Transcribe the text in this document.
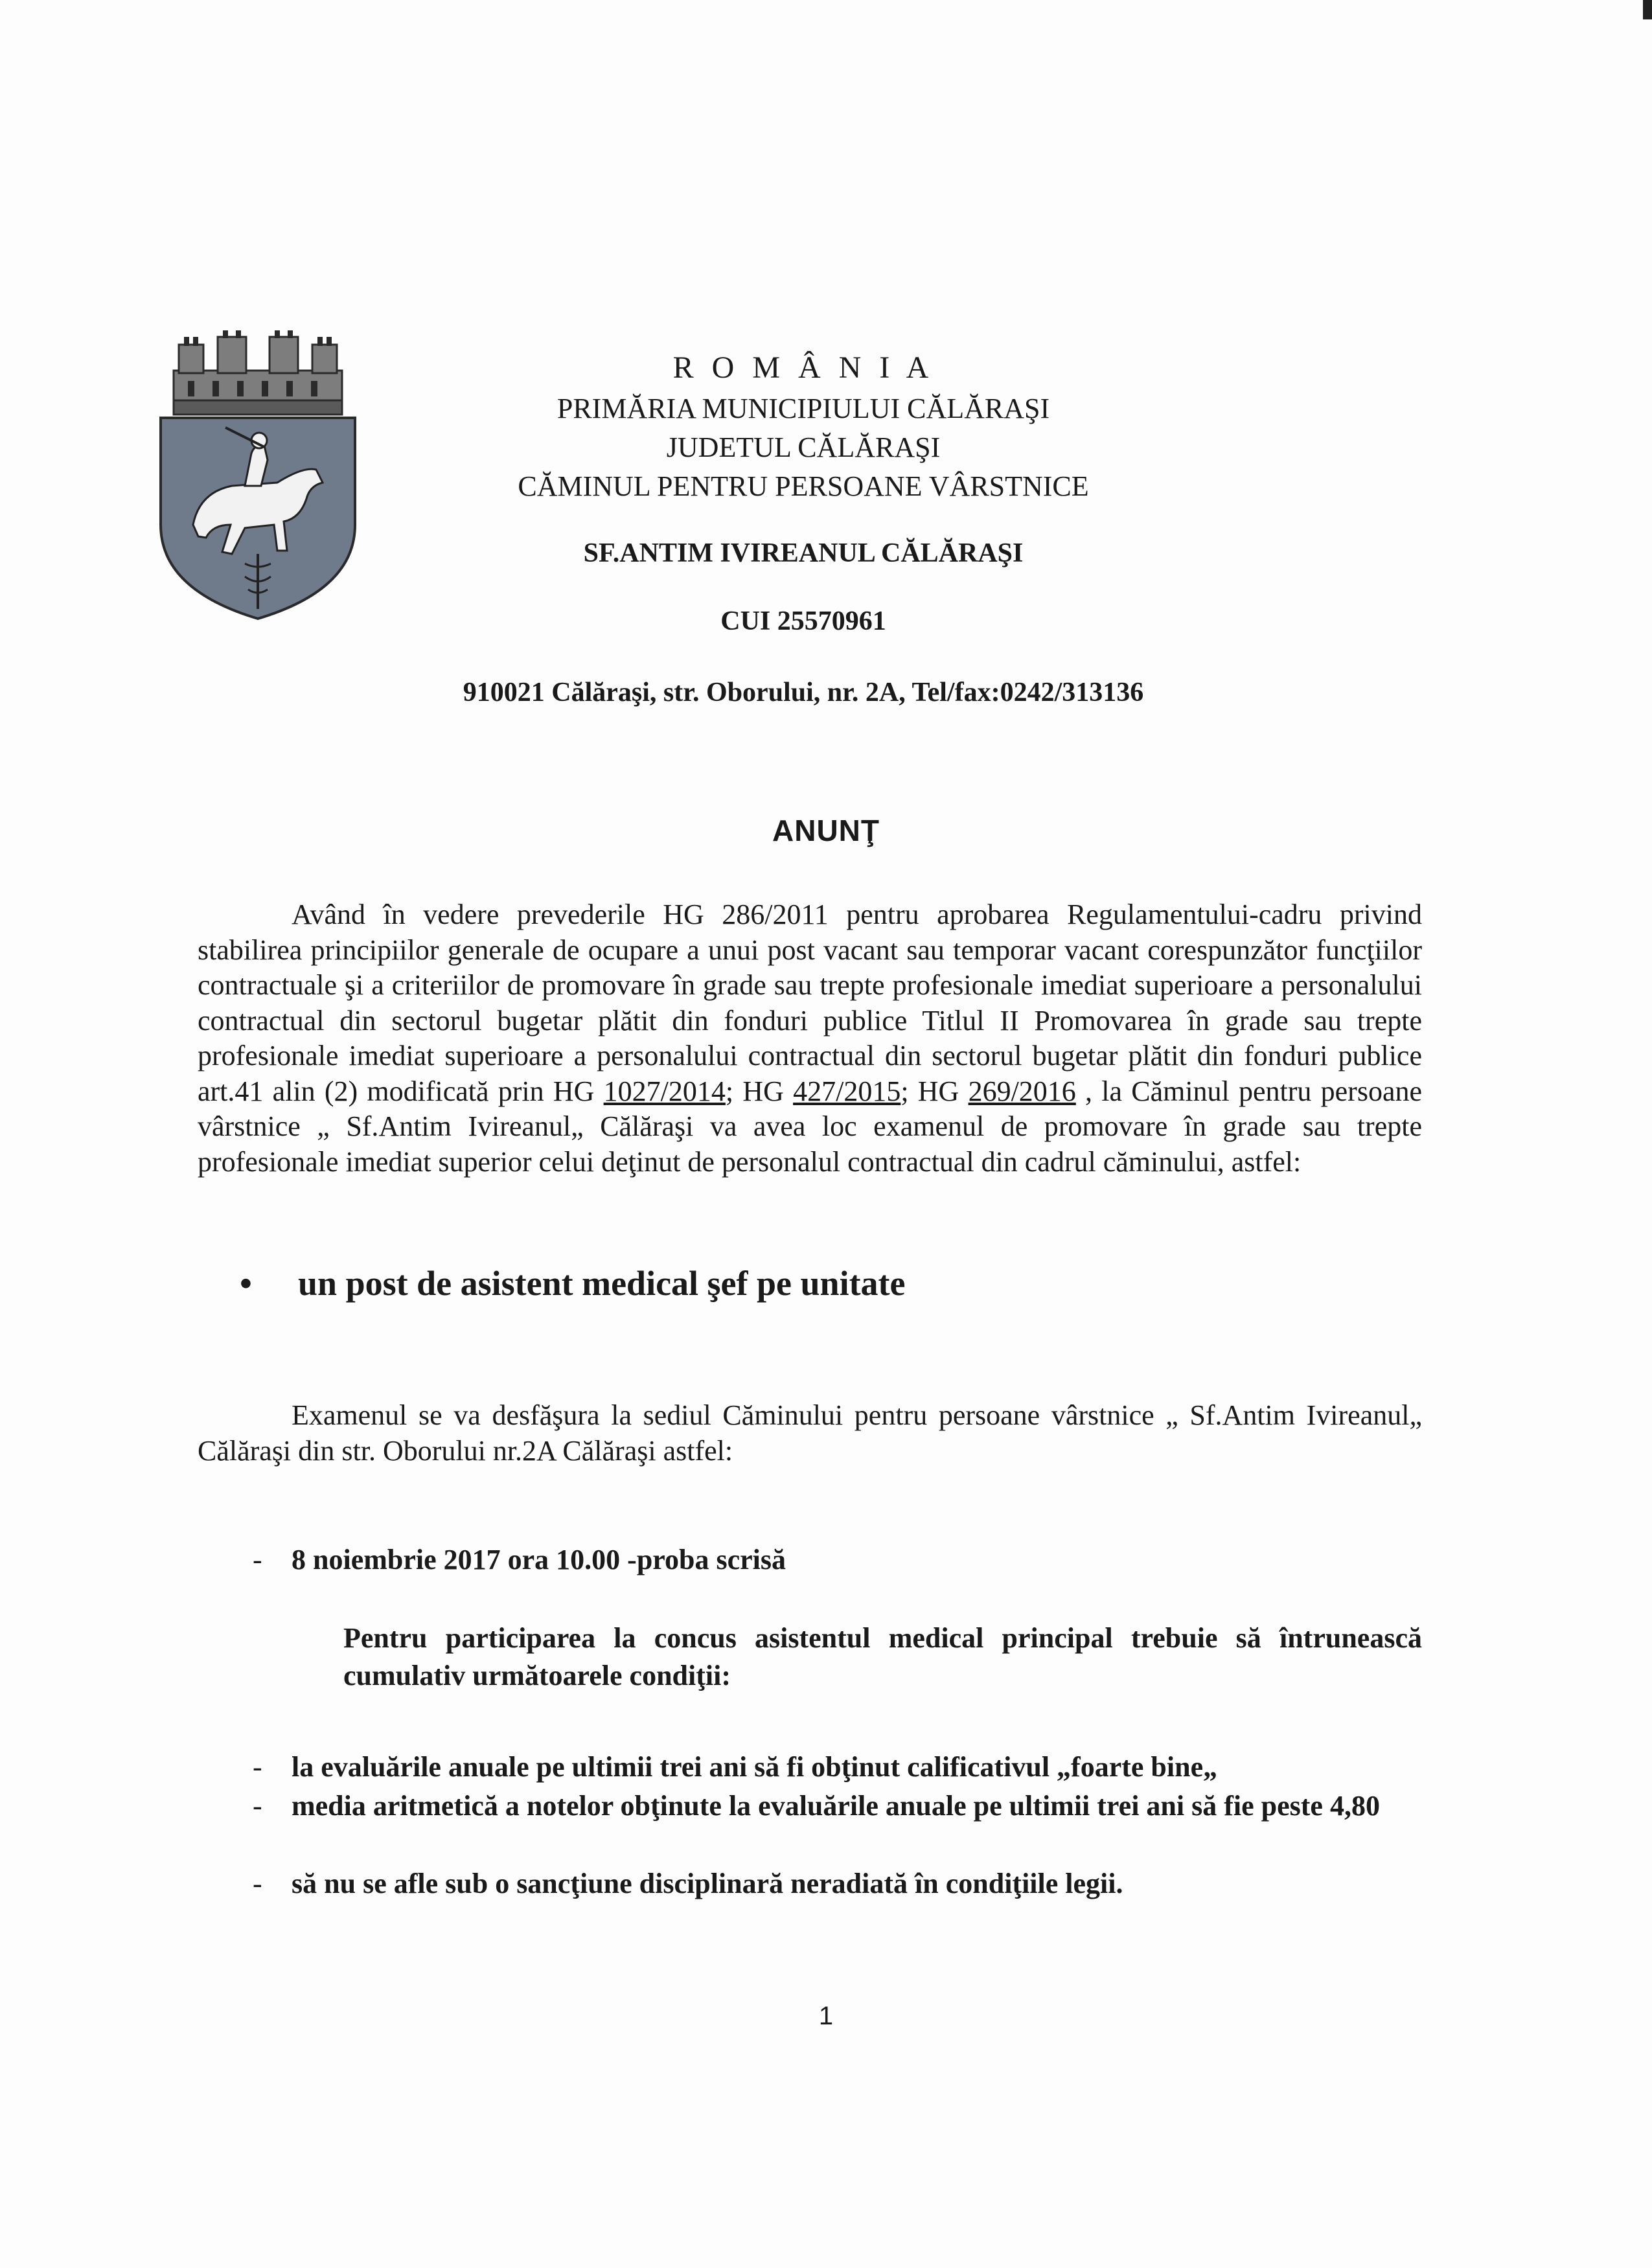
R O M Â N I A
PRIMĂRIA MUNICIPIULUI CĂLĂRAŞI
JUDETUL CĂLĂRAŞI
CĂMINUL PENTRU PERSOANE VÂRSTNICE
SF.ANTIM IVIREANUL CĂLĂRAŞI
CUI 25570961
910021 Călăraşi, str. Oborului, nr. 2A, Tel/fax:0242/313136
ANUNŢ
Având în vedere prevederile HG 286/2011 pentru aprobarea Regulamentului-cadru privind stabilirea principiilor generale de ocupare a unui post vacant sau temporar vacant corespunzător funcţiilor contractuale şi a criteriilor de promovare în grade sau trepte profesionale imediat superioare a personalului contractual din sectorul bugetar plătit din fonduri publice Titlul II Promovarea în grade sau trepte profesionale imediat superioare a personalului contractual din sectorul bugetar plătit din fonduri publice art.41 alin (2) modificată prin HG 1027/2014; HG 427/2015; HG 269/2016 , la Căminul pentru persoane vârstnice „ Sf.Antim Ivireanul„ Călăraşi va avea loc examenul de promovare în grade sau trepte profesionale imediat superior celui deţinut de personalul contractual din cadrul căminului, astfel:
• un post de asistent medical şef pe unitate
Examenul se va desfăşura la sediul Căminului pentru persoane vârstnice „ Sf.Antim Ivireanul„ Călăraşi din str. Oborului nr.2A Călăraşi astfel:
- 8 noiembrie 2017 ora 10.00 -proba scrisă
Pentru participarea la concus asistentul medical principal trebuie să întrunească cumulativ următoarele condiţii:
- la evaluările anuale pe ultimii trei ani să fi obţinut calificativul „foarte bine„
- media aritmetică a notelor obţinute la evaluările anuale pe ultimii trei ani să fie peste 4,80
- să nu se afle sub o sancţiune disciplinară neradiată în condiţiile legii.
1
